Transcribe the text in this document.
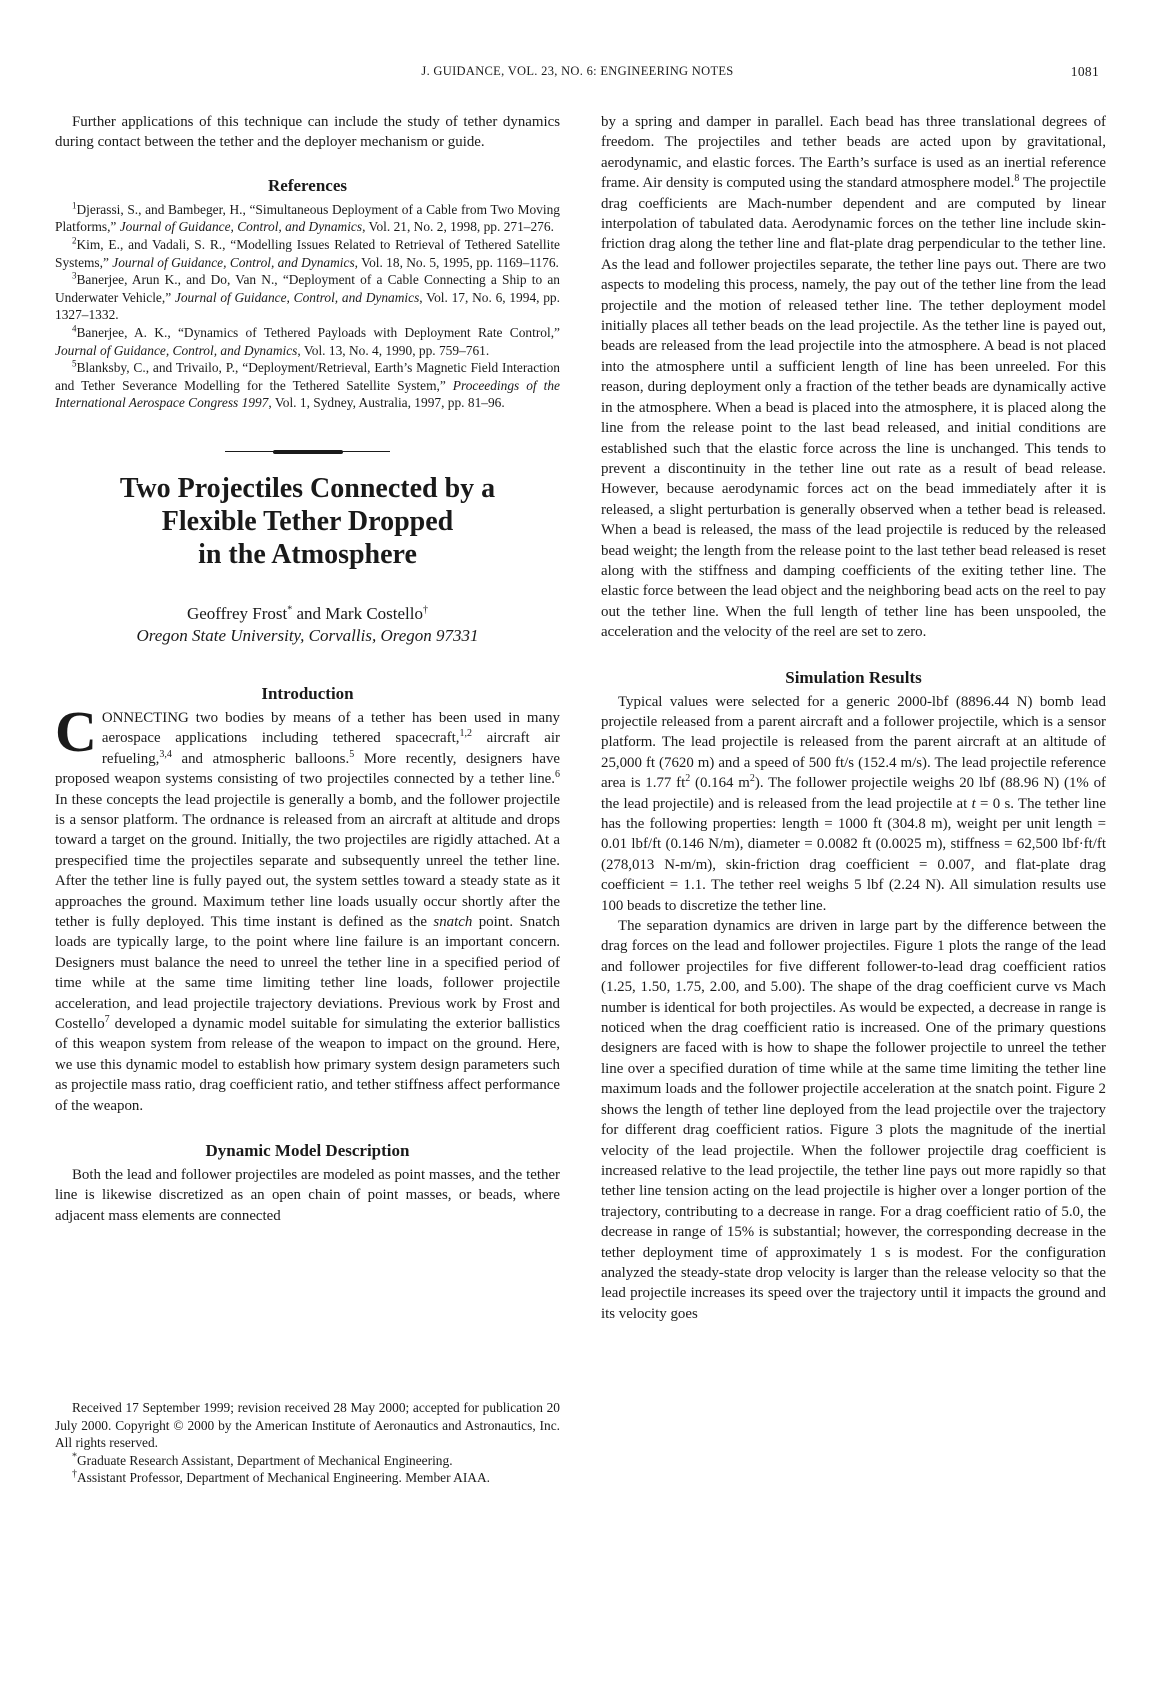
J. GUIDANCE, VOL. 23, NO. 6: ENGINEERING NOTES	1081

Further applications of this technique can include the study of tether dynamics during contact between the tether and the deployer mechanism or guide.

References
$^1$Djerassi, S., and Bambeger, H., “Simultaneous Deployment of a Cable from Two Moving Platforms,” Journal of Guidance, Control, and Dynamics, Vol. 21, No. 2, 1998, pp. 271–276.
$^2$Kim, E., and Vadali, S. R., “Modelling Issues Related to Retrieval of Tethered Satellite Systems,” Journal of Guidance, Control, and Dynamics, Vol. 18, No. 5, 1995, pp. 1169–1176.
$^3$Banerjee, Arun K., and Do, Van N., “Deployment of a Cable Connecting a Ship to an Underwater Vehicle,” Journal of Guidance, Control, and Dynamics, Vol. 17, No. 6, 1994, pp. 1327–1332.
$^4$Banerjee, A. K., “Dynamics of Tethered Payloads with Deployment Rate Control,” Journal of Guidance, Control, and Dynamics, Vol. 13, No. 4, 1990, pp. 759–761.
$^5$Blanksby, C., and Trivailo, P., “Deployment/Retrieval, Earth’s Magnetic Field Interaction and Tether Severance Modelling for the Tethered Satellite System,” Proceedings of the International Aerospace Congress 1997, Vol. 1, Sydney, Australia, 1997, pp. 81–96.
Two Projectiles Connected by a
Flexible Tether Dropped
in the Atmosphere
Geoffrey Frost* and Mark Costello†
Oregon State University, Corvallis, Oregon 97331
Introduction

CONNECTING two bodies by means of a tether has been used in many aerospace applications including tethered spacecraft,$^{1,2}$ aircraft air refueling,$^{3,4}$ and atmospheric balloons.$^5$ More recently, designers have proposed weapon systems consisting of two projectiles connected by a tether line.$^6$ In these concepts the lead projectile is generally a bomb, and the follower projectile is a sensor platform. The ordnance is released from an aircraft at altitude and drops toward a target on the ground. Initially, the two projectiles are rigidly attached. At a prespecified time the projectiles separate and subsequently unreel the tether line. After the tether line is fully payed out, the system settles toward a steady state as it approaches the ground. Maximum tether line loads usually occur shortly after the tether is fully deployed. This time instant is defined as the snatch point. Snatch loads are typically large, to the point where line failure is an important concern. Designers must balance the need to unreel the tether line in a specified period of time while at the same time limiting tether line loads, follower projectile acceleration, and lead projectile trajectory deviations. Previous work by Frost and Costello$^7$ developed a dynamic model suitable for simulating the exterior ballistics of this weapon system from release of the weapon to impact on the ground. Here, we use this dynamic model to establish how primary system design parameters such as projectile mass ratio, drag coefficient ratio, and tether stiffness affect performance of the weapon.

Dynamic Model Description

Both the lead and follower projectiles are modeled as point masses, and the tether line is likewise discretized as an open chain of point masses, or beads, where adjacent mass elements are connected

Received 17 September 1999; revision received 28 May 2000; accepted for publication 20 July 2000. Copyright © 2000 by the American Institute of Aeronautics and Astronautics, Inc. All rights reserved.

*Graduate Research Assistant, Department of Mechanical Engineering.

†Assistant Professor, Department of Mechanical Engineering. Member AIAA.

by a spring and damper in parallel. Each bead has three translational degrees of freedom. The projectiles and tether beads are acted upon by gravitational, aerodynamic, and elastic forces. The Earth’s surface is used as an inertial reference frame. Air density is computed using the standard atmosphere model.$^8$ The projectile drag coefficients are Mach-number dependent and are computed by linear interpolation of tabulated data. Aerodynamic forces on the tether line include skin-friction drag along the tether line and flat-plate drag perpendicular to the tether line. As the lead and follower projectiles separate, the tether line pays out. There are two aspects to modeling this process, namely, the pay out of the tether line from the lead projectile and the motion of released tether line. The tether deployment model initially places all tether beads on the lead projectile. As the tether line is payed out, beads are released from the lead projectile into the atmosphere. A bead is not placed into the atmosphere until a sufficient length of line has been unreeled. For this reason, during deployment only a fraction of the tether beads are dynamically active in the atmosphere. When a bead is placed into the atmosphere, it is placed along the line from the release point to the last bead released, and initial conditions are established such that the elastic force across the line is unchanged. This tends to prevent a discontinuity in the tether line out rate as a result of bead release. However, because aerodynamic forces act on the bead immediately after it is released, a slight perturbation is generally observed when a tether bead is released. When a bead is released, the mass of the lead projectile is reduced by the released bead weight; the length from the release point to the last tether bead released is reset along with the stiffness and damping coefficients of the exiting tether line. The elastic force between the lead object and the neighboring bead acts on the reel to pay out the tether line. When the full length of tether line has been unspooled, the acceleration and the velocity of the reel are set to zero.

Simulation Results

Typical values were selected for a generic 2000-lbf (8896.44 N) bomb lead projectile released from a parent aircraft and a follower projectile, which is a sensor platform. The lead projectile is released from the parent aircraft at an altitude of 25,000 ft (7620 m) and a speed of 500 ft/s (152.4 m/s). The lead projectile reference area is 1.77 $ft^2$ (0.164 $m^2$). The follower projectile weighs 20 lbf (88.96 N) (1% of the lead projectile) and is released from the lead projectile at t = 0 s. The tether line has the following properties: length = 1000 ft (304.8 m), weight per unit length = 0.01 lbf/ft (0.146 N/m), diameter = 0.0082 ft (0.0025 m), stiffness = 62,500 lbf·ft/ft (278,013 N-m/m), skin-friction drag coefficient = 0.007, and flat-plate drag coefficient = 1.1. The tether reel weighs 5 lbf (2.24 N). All simulation results use 100 beads to discretize the tether line.

The separation dynamics are driven in large part by the difference between the drag forces on the lead and follower projectiles. Figure 1 plots the range of the lead and follower projectiles for five different follower-to-lead drag coefficient ratios (1.25, 1.50, 1.75, 2.00, and 5.00). The shape of the drag coefficient curve vs Mach number is identical for both projectiles. As would be expected, a decrease in range is noticed when the drag coefficient ratio is increased. One of the primary questions designers are faced with is how to shape the follower projectile to unreel the tether line over a specified duration of time while at the same time limiting the tether line maximum loads and the follower projectile acceleration at the snatch point. Figure 2 shows the length of tether line deployed from the lead projectile over the trajectory for different drag coefficient ratios. Figure 3 plots the magnitude of the inertial velocity of the lead projectile. When the follower projectile drag coefficient is increased relative to the lead projectile, the tether line pays out more rapidly so that tether line tension acting on the lead projectile is higher over a longer portion of the trajectory, contributing to a decrease in range. For a drag coefficient ratio of 5.0, the decrease in range of 15% is substantial; however, the corresponding decrease in the tether deployment time of approximately 1 s is modest. For the configuration analyzed the steady-state drop velocity is larger than the release velocity so that the lead projectile increases its speed over the trajectory until it impacts the ground and its velocity goes
